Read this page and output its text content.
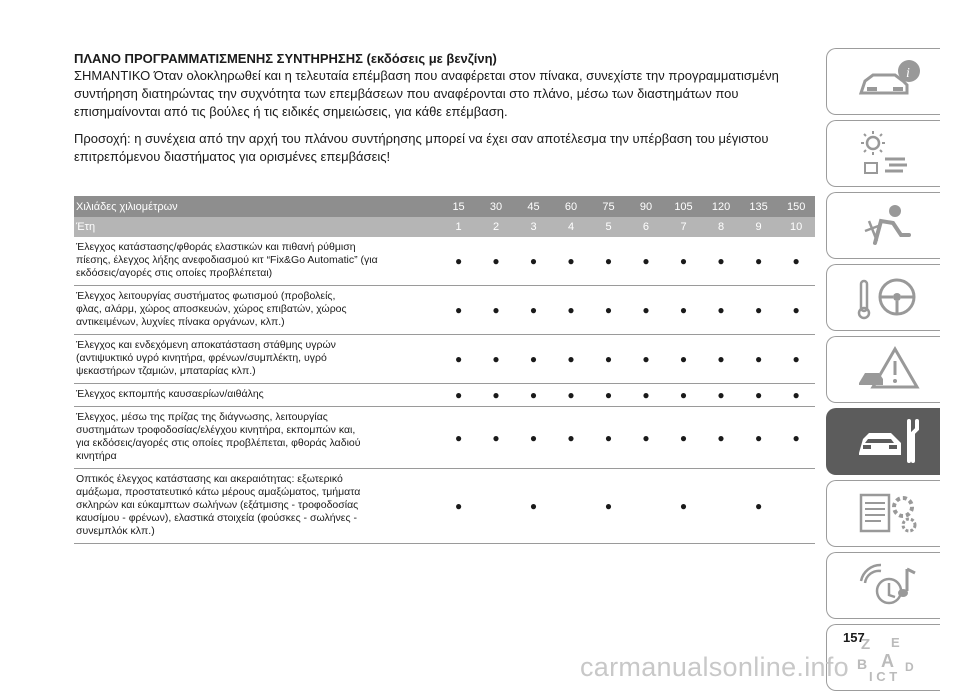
ΠΛΑΝΟ ΠΡΟΓΡΑΜΜΑΤΙΣΜΕΝΗΣ ΣΥΝΤΗΡΗΣΗΣ (εκδόσεις με βενζίνη)
ΣΗΜΑΝΤΙΚΟ Όταν ολοκληρωθεί και η τελευταία επέμβαση που αναφέρεται στον πίνακα, συνεχίστε την προγραμματισμένη
συντήρηση διατηρώντας την συχνότητα των επεμβάσεων που αναφέρονται στο πλάνο, μέσω των διαστημάτων που
επισημαίνονται από τις βούλες ή τις ειδικές σημειώσεις, για κάθε επέμβαση.
Προσοχή: η συνέχεια από την αρχή του πλάνου συντήρησης μπορεί να έχει σαν αποτέλεσμα την υπέρβαση του μέγιστου
επιτρεπόμενου διαστήματος για ορισμένες επεμβάσεις!
Χιλιάδες χιλιομέτρων	15	30	45	60	75	90	105	120	135	150
Έτη	1	2	3	4	5	6	7	8	9	10

Έλεγχος κατάστασης/φθοράς ελαστικών και πιθανή ρύθμιση
πίεσης, έλεγχος λήξης ανεφοδιασμού κιτ “Fix&Go Automatic” (για
εκδόσεις/αγορές στις οποίες προβλέπεται)	●	●	●	●	●	●	●	●	●	●

Έλεγχος λειτουργίας συστήματος φωτισμού (προβολείς,
φλας, αλάρμ, χώρος αποσκευών, χώρος επιβατών, χώρος
αντικειμένων, λυχνίες πίνακα οργάνων, κλπ.)	●	●	●	●	●	●	●	●	●	●

Έλεγχος και ενδεχόμενη αποκατάσταση στάθμης υγρών
(αντιψυκτικό υγρό κινητήρα, φρένων/συμπλέκτη, υγρό
ψεκαστήρων τζαμιών, μπαταρίας κλπ.)	●	●	●	●	●	●	●	●	●	●

Έλεγχος εκπομπής καυσαερίων/αιθάλης	●	●	●	●	●	●	●	●	●	●

Έλεγχος, μέσω της πρίζας της διάγνωσης, λειτουργίας
συστημάτων τροφοδοσίας/ελέγχου κινητήρα, εκπομπών και,
για εκδόσεις/αγορές στις οποίες προβλέπεται, φθοράς λαδιού
κινητήρα	●	●	●	●	●	●	●	●	●	●

Οπτικός έλεγχος κατάστασης και ακεραιότητας: εξωτερικό
αμάξωμα, προστατευτικό κάτω μέρους αμαξώματος, τμήματα
σκληρών και εύκαμπτων σωλήνων (εξάτμισης - τροφοδοσίας
καυσίμου - φρένων), ελαστικά στοιχεία (φούσκες - σωλήνες -
συνεμπλόκ κλπ.)	●		●		●		●		●	
i
Z E
B A D
I C T
157
carmanualsonline.info
